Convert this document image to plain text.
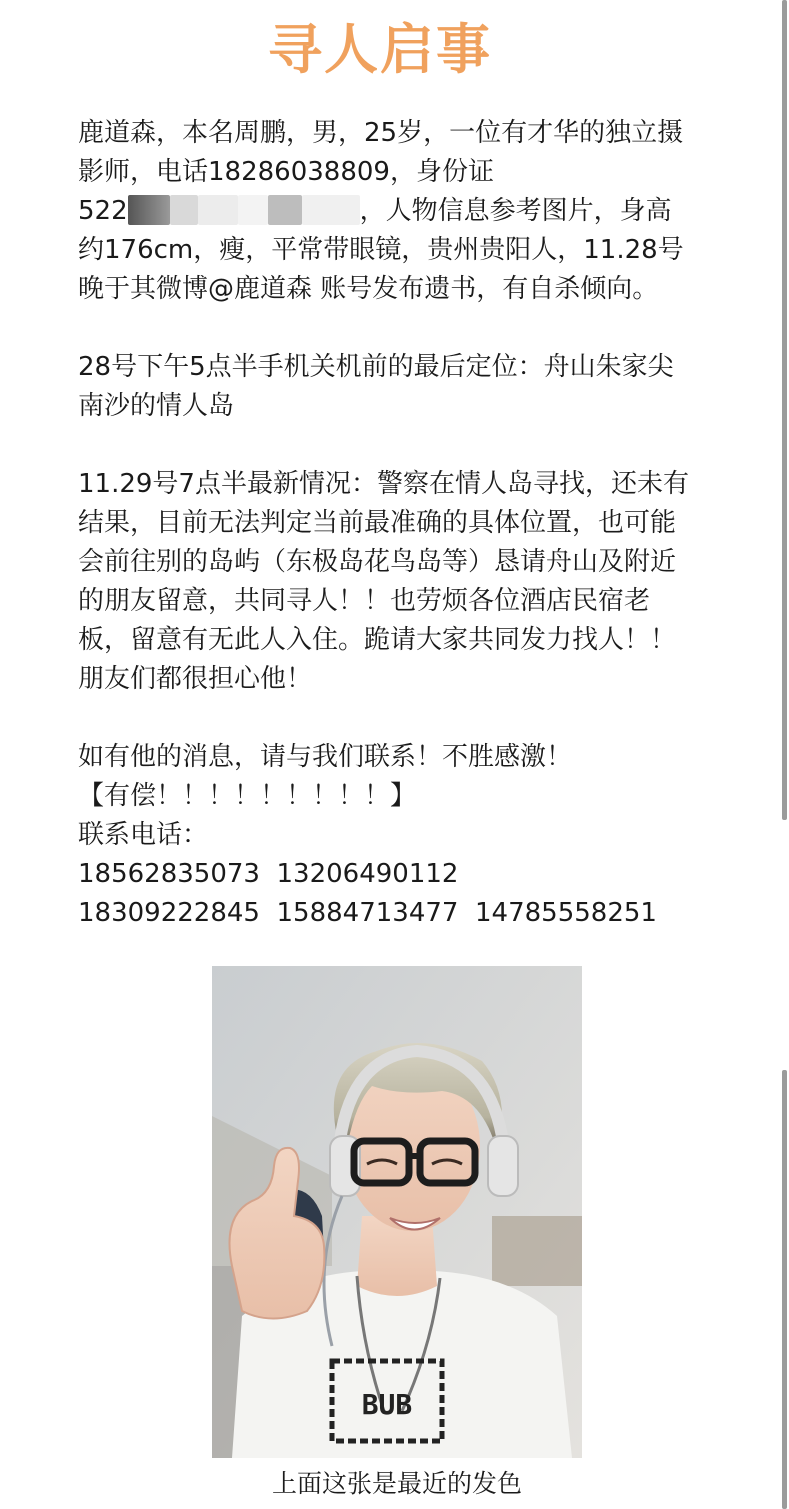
寻人启事

鹿道森，本名周鹏，男，25岁，一位有才华的独立摄
影师，电话18286038809，身份证
522	，人物信息参考图片，身高
约176cm，瘦，平常带眼镜，贵州贵阳人，11.28号
晚于其微博@鹿道森 账号发布遗书，有自杀倾向。

28号下午5点半手机关机前的最后定位：舟山朱家尖
南沙的情人岛

11.29号7点半最新情况：警察在情人岛寻找，还未有
结果，目前无法判定当前最准确的具体位置，也可能
会前往别的岛屿（东极岛花鸟岛等）恳请舟山及附近
的朋友留意，共同寻人！！也劳烦各位酒店民宿老
板，留意有无此人入住。跪请大家共同发力找人！！
朋友们都很担心他！

如有他的消息，请与我们联系！不胜感激！
【有偿！！！！！！！！！】
联系电话：
18562835073  13206490112
18309222845  15884713477  14785558251

BUB
上面这张是最近的发色
